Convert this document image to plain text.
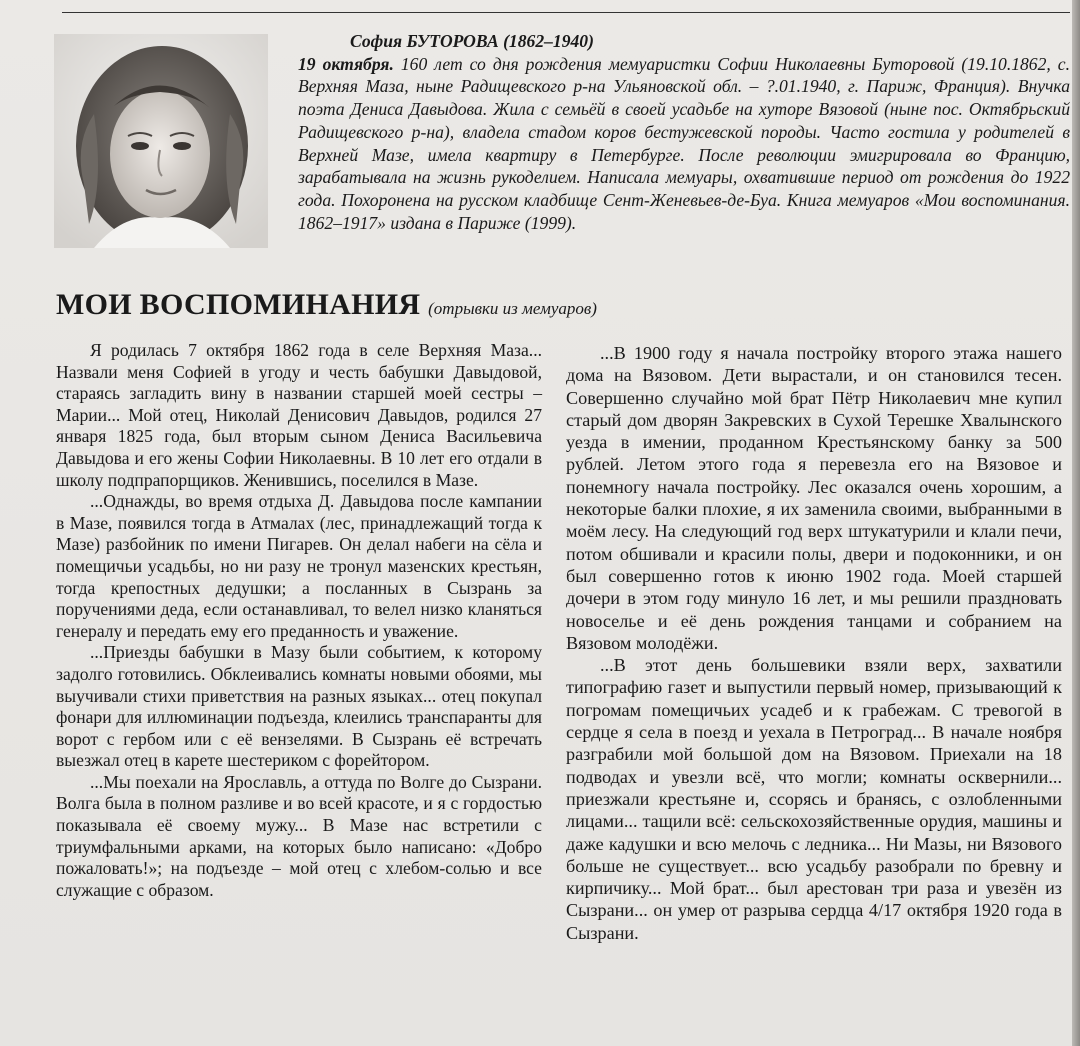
София БУТОРОВА (1862–1940)
19 октября. 160 лет со дня рождения мемуаристки Софии Николаевны Буторовой (19.10.1862, с. Верхняя Маза, ныне Радищевского р-на Ульяновской обл. – ?.01.1940, г. Париж, Франция). Внучка поэта Дениса Давыдова. Жила с семьёй в своей усадьбе на хуторе Вязовой (ныне пос. Октябрьский Радищевского р-на), владела стадом коров бестужевской породы. Часто гостила у родителей в Верхней Мазе, имела квартиру в Петербурге. После революции эмигрировала во Францию, зарабатывала на жизнь рукоделием. Написала мемуары, охватившие период от рождения до 1922 года. Похоронена на русском кладбище Сент-Женевьев-де-Буа. Книга мемуаров «Мои воспоминания. 1862–1917» издана в Париже (1999).
МОИ ВОСПОМИНАНИЯ (отрывки из мемуаров)

Я родилась 7 октября 1862 года в селе Верхняя Маза... Назвали меня Софией в угоду и честь бабушки Давыдовой, стараясь загладить вину в названии старшей моей сестры – Марии... Мой отец, Николай Денисович Давыдов, родился 27 января 1825 года, был вторым сыном Дениса Васильевича Давыдова и его жены Софии Николаевны. В 10 лет его отдали в школу подпрапорщиков. Женившись, поселился в Мазе.

...Однажды, во время отдыха Д. Давыдова после кампании в Мазе, появился тогда в Атмалах (лес, принадлежащий тогда к Мазе) разбойник по имени Пигарев. Он делал набеги на сёла и помещичьи усадьбы, но ни разу не тронул мазенских крестьян, тогда крепостных дедушки; а посланных в Сызрань за поручениями деда, если останавливал, то велел низко кланяться генералу и передать ему его преданность и уважение.

...Приезды бабушки в Мазу были событием, к которому задолго готовились. Обклеивались комнаты новыми обоями, мы выучивали стихи приветствия на разных языках... отец покупал фонари для иллюминации подъезда, клеились транспаранты для ворот с гербом или с её вензелями. В Сызрань её встречать выезжал отец в карете шестериком с форейтором.

...Мы поехали на Ярославль, а оттуда по Волге до Сызрани. Волга была в полном разливе и во всей красоте, и я с гордостью показывала её своему мужу... В Мазе нас встретили с триумфальными арками, на которых было написано: «Добро пожаловать!»; на подъезде – мой отец с хлебом-солью и все служащие с образом.

...В 1900 году я начала постройку второго этажа нашего дома на Вязовом. Дети вырастали, и он становился тесен. Совершенно случайно мой брат Пётр Николаевич мне купил старый дом дворян Закревских в Сухой Терешке Хвалынского уезда в имении, проданном Крестьянскому банку за 500 рублей. Летом этого года я перевезла его на Вязовое и понемногу начала постройку. Лес оказался очень хорошим, а некоторые балки плохие, я их заменила своими, выбранными в моём лесу. На следующий год верх штукатурили и клали печи, потом обшивали и красили полы, двери и подоконники, и он был совершенно готов к июню 1902 года. Моей старшей дочери в этом году минуло 16 лет, и мы решили праздновать новоселье и её день рождения танцами и собранием на Вязовом молодёжи.

...В этот день большевики взяли верх, захватили типографию газет и выпустили первый номер, призывающий к погромам помещичьих усадеб и к грабежам. С тревогой в сердце я села в поезд и уехала в Петроград... В начале ноября разграбили мой большой дом на Вязовом. Приехали на 18 подводах и увезли всё, что могли; комнаты осквернили... приезжали крестьяне и, ссорясь и бранясь, с озлобленными лицами... тащили всё: сельскохозяйственные орудия, машины и даже кадушки и всю мелочь с ледника... Ни Мазы, ни Вязового больше не существует... всю усадьбу разобрали по бревну и кирпичику... Мой брат... был арестован три раза и увезён из Сызрани... он умер от разрыва сердца 4/17 октября 1920 года в Сызрани.
